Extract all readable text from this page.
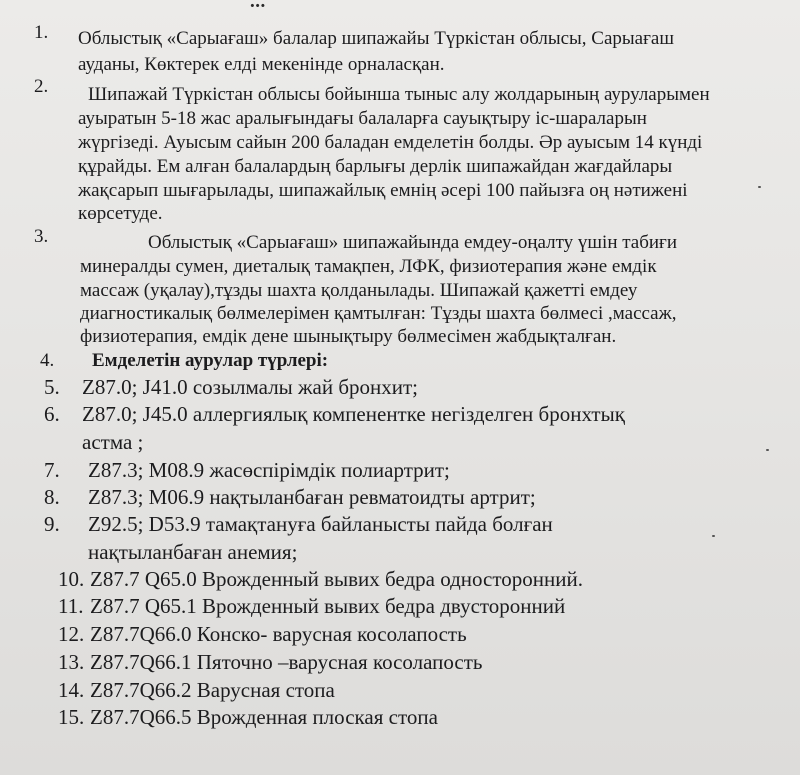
...
1. Облыстық «Сарыағаш» балалар шипажайы Түркістан облысы, Сарыағаш
ауданы, Көктерек елді мекенінде орналасқан.
2. Шипажай Түркістан облысы бойынша тыныс алу жолдарының ауруларымен
ауыратын 5-18 жас аралығындағы балаларға сауықтыру іс-шараларын
жүргізеді. Ауысым сайын 200 баладан емделетін болды. Әр ауысым 14 күнді
құрайды. Ем алған балалардың барлығы дерлік шипажайдан жағдайлары
жақсарып шығарылады, шипажайлық емнің әсері 100 пайызға оң нәтижені
көрсетуде.
3.	Облыстық «Сарыағаш» шипажайында емдеу-оңалту үшін табиғи
минералды сумен, диеталық тамақпен, ЛФК, физиотерапия және емдік
массаж (уқалау),тұзды шахта қолданылады. Шипажай қажетті емдеу
диагностикалық бөлмелерімен қамтылған: Тұзды шахта бөлмесі ,массаж,
физиотерапия, емдік дене шынықтыру бөлмесімен жабдықталған.
4. Емделетін аурулар түрлері:
5. Z87.0; J41.0 созылмалы жай бронхит;
6. Z87.0; J45.0 аллергиялық компенентке негізделген бронхтық
астма ;
7. Z87.3; M08.9 жасөспірімдік полиартрит;
8. Z87.3; M06.9 нақтыланбаған ревматоидты артрит;
9. Z92.5; D53.9 тамақтануға байланысты пайда болған
нақтыланбаған анемия;
10. Z87.7 Q65.0 Врожденный вывих бедра односторонний.
11. Z87.7 Q65.1 Врожденный вывих бедра двусторонний
12. Z87.7Q66.0 Конско- варусная косолапость
13. Z87.7Q66.1 Пяточно –варусная косолапость
14. Z87.7Q66.2 Варусная стопа
15. Z87.7Q66.5 Врожденная плоская стопа
